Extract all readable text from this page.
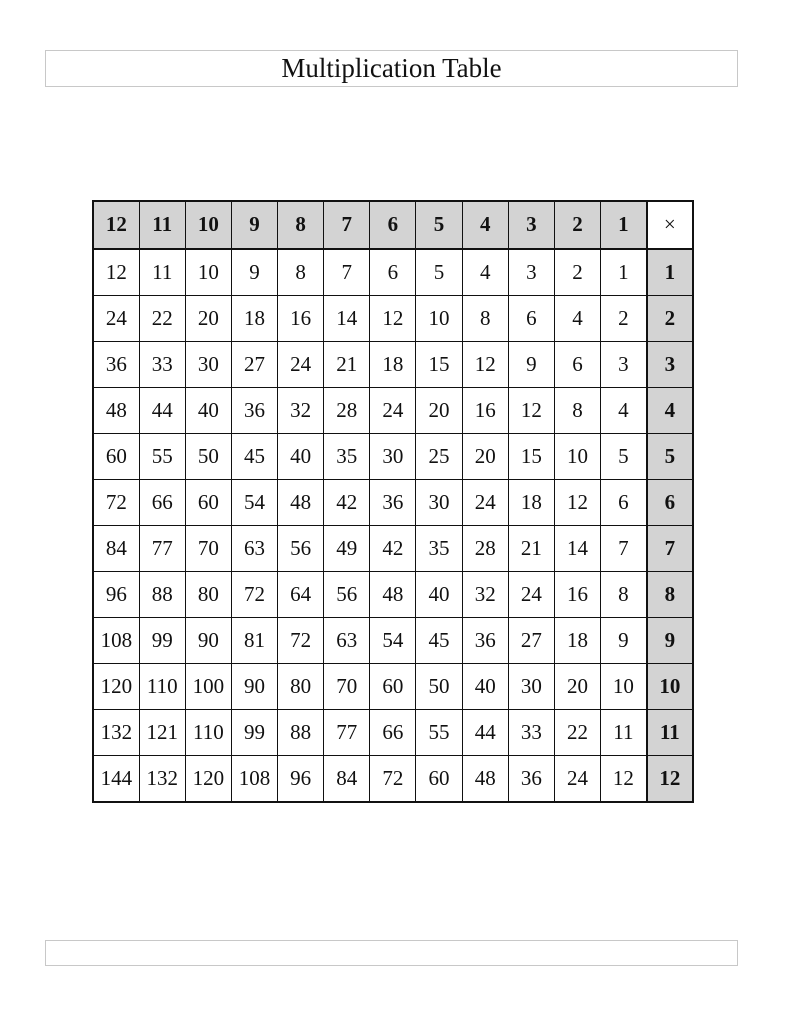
Multiplication Table
12	11	10	9	8	7	6	5	4	3	2	1	×
12	11	10	9	8	7	6	5	4	3	2	1	1
24	22	20	18	16	14	12	10	8	6	4	2	2
36	33	30	27	24	21	18	15	12	9	6	3	3
48	44	40	36	32	28	24	20	16	12	8	4	4
60	55	50	45	40	35	30	25	20	15	10	5	5
72	66	60	54	48	42	36	30	24	18	12	6	6
84	77	70	63	56	49	42	35	28	21	14	7	7
96	88	80	72	64	56	48	40	32	24	16	8	8
108	99	90	81	72	63	54	45	36	27	18	9	9
120	110	100	90	80	70	60	50	40	30	20	10	10
132	121	110	99	88	77	66	55	44	33	22	11	11
144	132	120	108	96	84	72	60	48	36	24	12	12
